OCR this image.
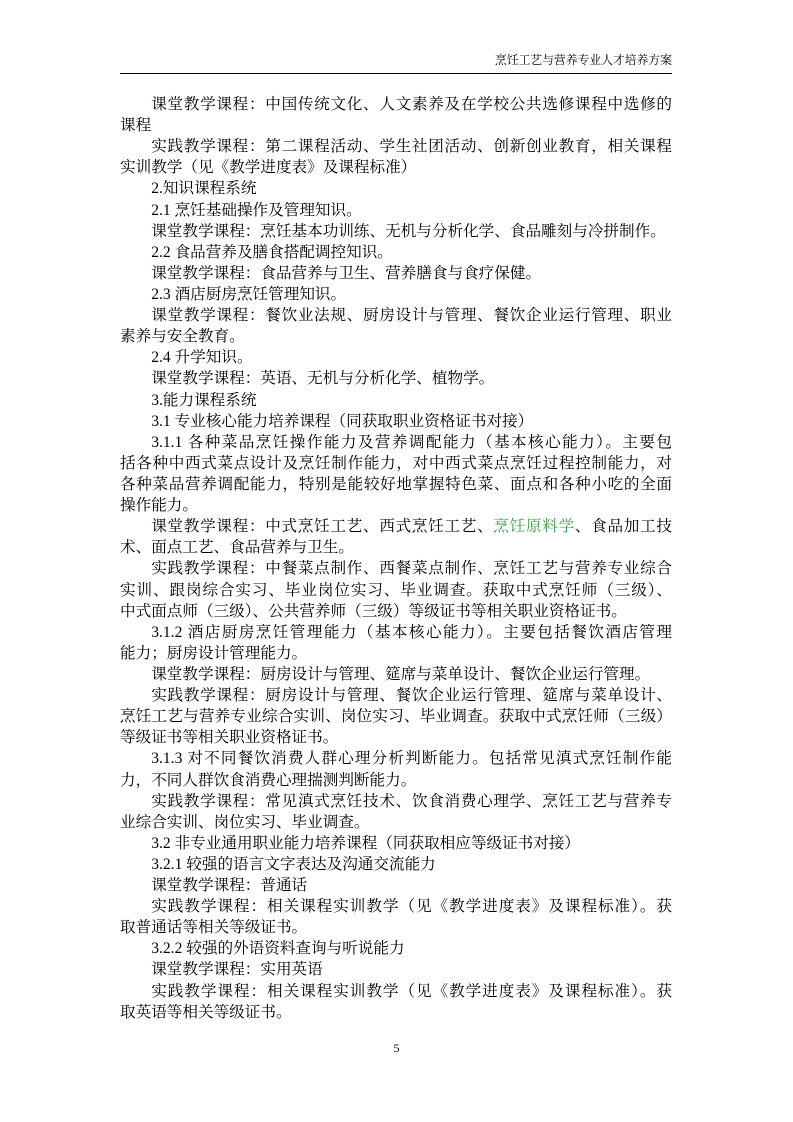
烹饪工艺与营养专业人才培养方案
课堂教学课程：中国传统文化、人文素养及在学校公共选修课程中选修的
课程
实践教学课程：第二课程活动、学生社团活动、创新创业教育，相关课程
实训教学（见《教学进度表》及课程标准）
2.知识课程系统
2.1 烹饪基础操作及管理知识。
课堂教学课程：烹饪基本功训练、无机与分析化学、食品雕刻与冷拼制作。
2.2 食品营养及膳食搭配调控知识。
课堂教学课程：食品营养与卫生、营养膳食与食疗保健。
2.3 酒店厨房烹饪管理知识。
课堂教学课程：餐饮业法规、厨房设计与管理、餐饮企业运行管理、职业
素养与安全教育。
2.4 升学知识。
课堂教学课程：英语、无机与分析化学、植物学。
3.能力课程系统
3.1 专业核心能力培养课程（同获取职业资格证书对接）
3.1.1 各种菜品烹饪操作能力及营养调配能力（基本核心能力）。主要包
括各种中西式菜点设计及烹饪制作能力，对中西式菜点烹饪过程控制能力，对
各种菜品营养调配能力，特别是能较好地掌握特色菜、面点和各种小吃的全面
操作能力。
课堂教学课程：中式烹饪工艺、西式烹饪工艺、烹饪原料学、食品加工技
术、面点工艺、食品营养与卫生。
实践教学课程：中餐菜点制作、西餐菜点制作、烹饪工艺与营养专业综合
实训、跟岗综合实习、毕业岗位实习、毕业调查。获取中式烹饪师（三级）、
中式面点师（三级）、公共营养师（三级）等级证书等相关职业资格证书。
3.1.2 酒店厨房烹饪管理能力（基本核心能力）。主要包括餐饮酒店管理
能力；厨房设计管理能力。
课堂教学课程：厨房设计与管理、筵席与菜单设计、餐饮企业运行管理。
实践教学课程：厨房设计与管理、餐饮企业运行管理、筵席与菜单设计、
烹饪工艺与营养专业综合实训、岗位实习、毕业调查。获取中式烹饪师（三级）
等级证书等相关职业资格证书。
3.1.3 对不同餐饮消费人群心理分析判断能力。包括常见滇式烹饪制作能
力，不同人群饮食消费心理揣测判断能力。
实践教学课程：常见滇式烹饪技术、饮食消费心理学、烹饪工艺与营养专
业综合实训、岗位实习、毕业调查。
3.2 非专业通用职业能力培养课程（同获取相应等级证书对接）
3.2.1 较强的语言文字表达及沟通交流能力
课堂教学课程：普通话
实践教学课程：相关课程实训教学（见《教学进度表》及课程标准）。获
取普通话等相关等级证书。
3.2.2 较强的外语资料查询与听说能力
课堂教学课程：实用英语
实践教学课程：相关课程实训教学（见《教学进度表》及课程标准）。获
取英语等相关等级证书。
5
